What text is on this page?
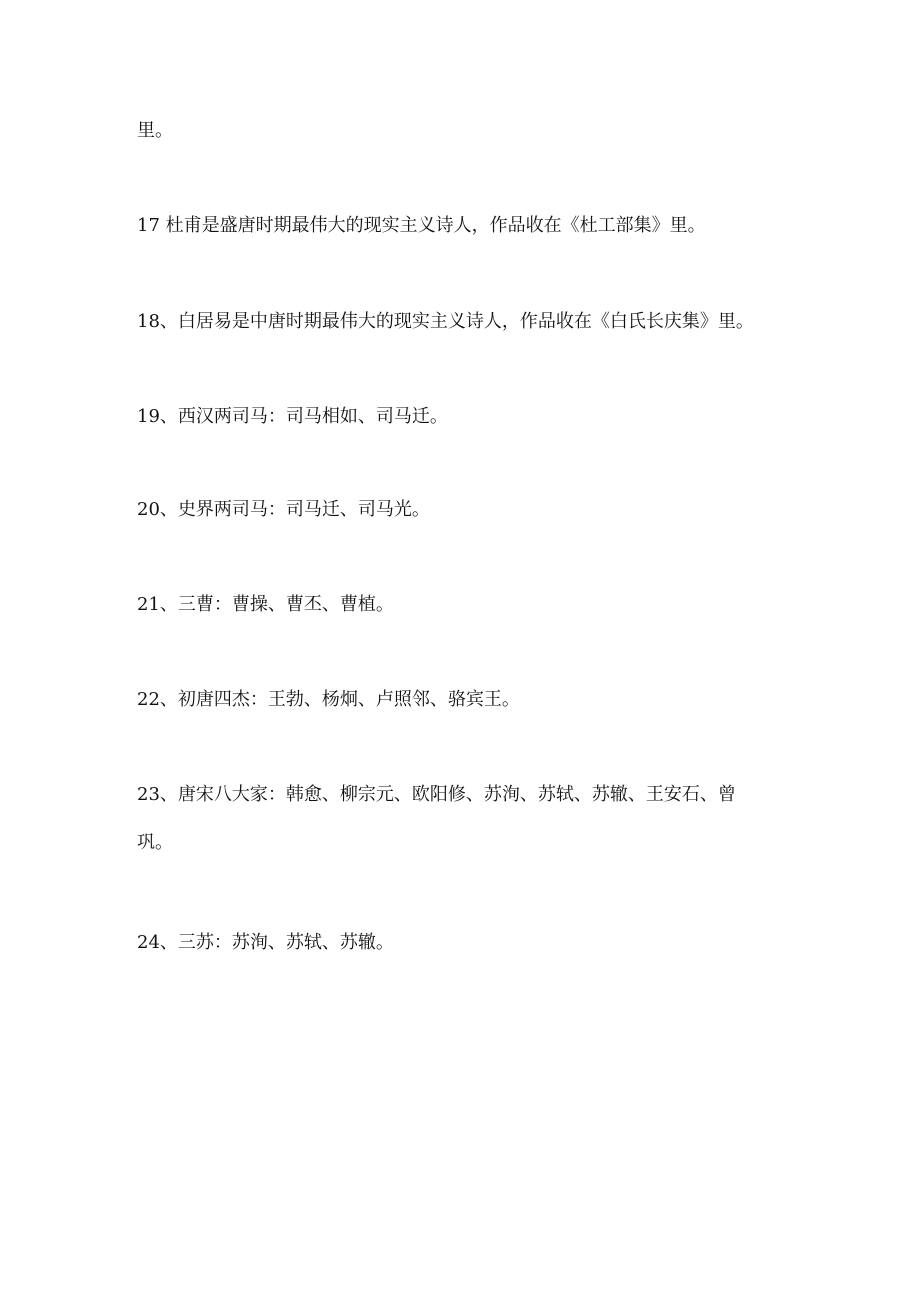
里。
17 杜甫是盛唐时期最伟大的现实主义诗人，作品收在《杜工部集》里。
18、白居易是中唐时期最伟大的现实主义诗人，作品收在《白氏长庆集》里。
19、西汉两司马：司马相如、司马迁。
20、史界两司马：司马迁、司马光。
21、三曹：曹操、曹丕、曹植。
22、初唐四杰：王勃、杨炯、卢照邻、骆宾王。
23、唐宋八大家：韩愈、柳宗元、欧阳修、苏洵、苏轼、苏辙、王安石、曾
巩。
24、三苏：苏洵、苏轼、苏辙。
